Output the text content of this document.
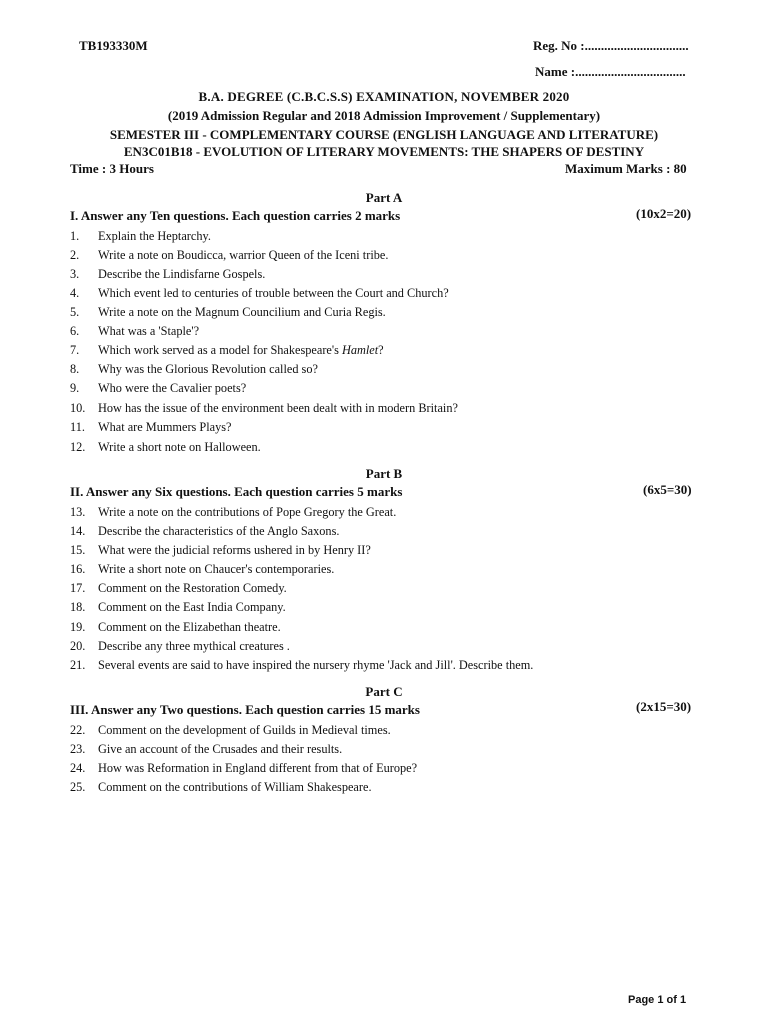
TB193330M	Reg. No :................................
Name :..................................
B.A. DEGREE (C.B.C.S.S) EXAMINATION, NOVEMBER 2020
(2019 Admission Regular and 2018 Admission Improvement / Supplementary)
SEMESTER III - COMPLEMENTARY COURSE (ENGLISH LANGUAGE AND LITERATURE)
EN3C01B18 - EVOLUTION OF LITERARY MOVEMENTS: THE SHAPERS OF DESTINY
Time : 3 Hours	Maximum Marks : 80
Part A
I. Answer any Ten questions. Each question carries 2 marks	(10x2=20)
1. Explain the Heptarchy.
2. Write a note on Boudicca, warrior Queen of the Iceni tribe.
3. Describe the Lindisfarne Gospels.
4. Which event led to centuries of trouble between the Court and Church?
5. Write a note on the Magnum Councilium and Curia Regis.
6. What was a 'Staple'?
7. Which work served as a model for Shakespeare's Hamlet?
8. Why was the Glorious Revolution called so?
9. Who were the Cavalier poets?
10. How has the issue of the environment been dealt with in modern Britain?
11. What are Mummers Plays?
12. Write a short note on Halloween.
Part B
II. Answer any Six questions. Each question carries 5 marks	(6x5=30)
13. Write a note on the contributions of Pope Gregory the Great.
14. Describe the characteristics of the Anglo Saxons.
15. What were the judicial reforms ushered in by Henry II?
16. Write a short note on Chaucer's contemporaries.
17. Comment on the Restoration Comedy.
18. Comment on the East India Company.
19. Comment on the Elizabethan theatre.
20. Describe any three mythical creatures .
21. Several events are said to have inspired the nursery rhyme 'Jack and Jill'. Describe them.
Part C
III. Answer any Two questions. Each question carries 15 marks	(2x15=30)
22. Comment on the development of Guilds in Medieval times.
23. Give an account of the Crusades and their results.
24. How was Reformation in England different from that of Europe?
25. Comment on the contributions of William Shakespeare.
Page 1 of 1
